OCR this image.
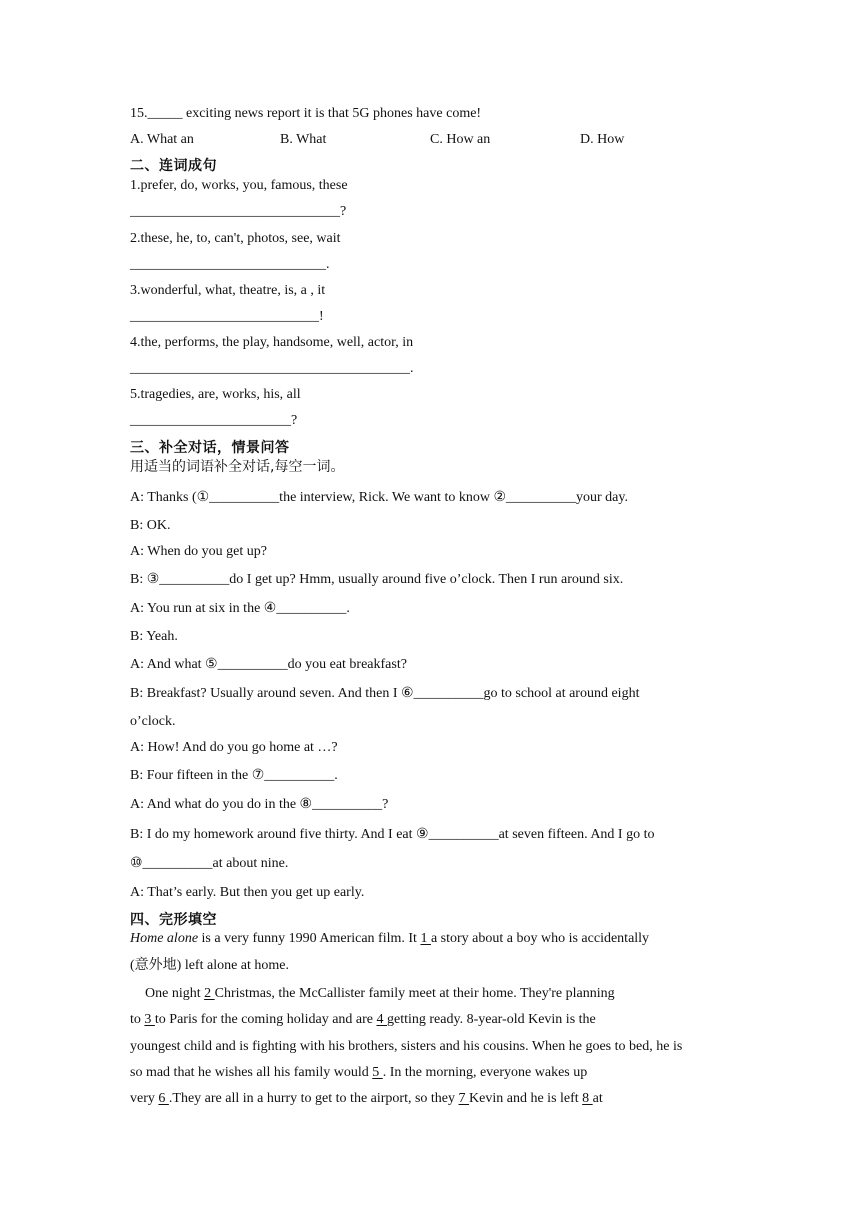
15._____ exciting news report it is that 5G phones have come!
A. What an	B. What	C. How an	D. How
二、连词成句
1.prefer, do, works, you, famous, these
______________________________?
2.these, he, to, can't, photos, see, wait
____________________________.
3.wonderful, what, theatre, is, a , it
___________________________!
4.the, performs, the play, handsome, well, actor, in
________________________________________.
5.tragedies, are, works, his, all
_______________________?
三、补全对话，情景问答
用适当的词语补全对话,每空一词。
A: Thanks (①__________the interview, Rick. We want to know ②__________your day.
B: OK.
A: When do you get up?
B: ③__________do I get up? Hmm, usually around five o’clock. Then I run around six.
A: You run at six in the ④__________.
B: Yeah.
A: And what ⑤__________do you eat breakfast?
B: Breakfast? Usually around seven. And then I ⑥__________go to school at around eight
o’clock.
A: How! And do you go home at …?
B: Four fifteen in the ⑦__________.
A: And what do you do in the ⑧__________?
B: I do my homework around five thirty. And I eat ⑨__________at seven fifteen. And I go to
⑩__________at about nine.
A: That’s early. But then you get up early.
四、完形填空
Home alone is a very funny 1990 American film. It 1 a story about a boy who is accidentally
(意外地) left alone at home.
One night 2 Christmas, the McCallister family meet at their home. They're planning
to 3 to Paris for the coming holiday and are 4 getting ready. 8-year-old Kevin is the
youngest child and is fighting with his brothers, sisters and his cousins. When he goes to bed, he is
so mad that he wishes all his family would 5 . In the morning, everyone wakes up
very 6 .They are all in a hurry to get to the airport, so they 7 Kevin and he is left 8 at
